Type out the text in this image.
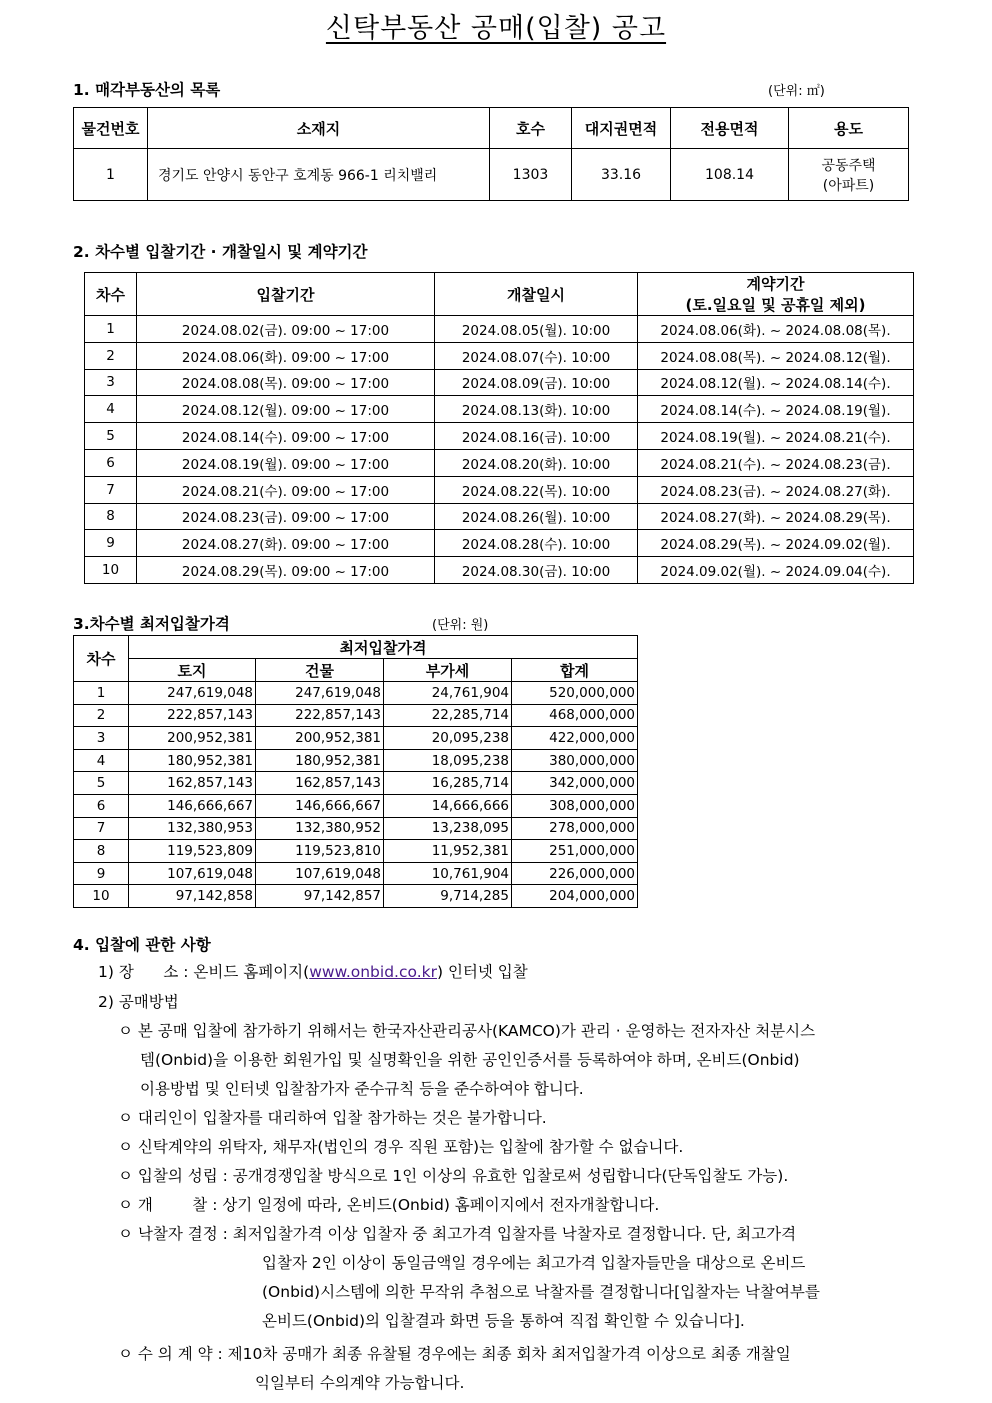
신탁부동산 공매(입찰) 공고
1. 매각부동산의 목록	(단위: ㎡)
물건번호	소재지	호수	대지권면적	전용면적	용도
1	경기도 안양시 동안구 호계동 966-1 리치밸리	1303	33.16	108.14	공동주택
(아파트)
2. 차수별 입찰기간 · 개찰일시 및 계약기간
차수	입찰기간	개찰일시	계약기간
(토.일요일 및 공휴일 제외)

1	2024.08.02(금). 09:00 ~ 17:00	2024.08.05(월). 10:00	2024.08.06(화). ~ 2024.08.08(목).
2	2024.08.06(화). 09:00 ~ 17:00	2024.08.07(수). 10:00	2024.08.08(목). ~ 2024.08.12(월).
3	2024.08.08(목). 09:00 ~ 17:00	2024.08.09(금). 10:00	2024.08.12(월). ~ 2024.08.14(수).
4	2024.08.12(월). 09:00 ~ 17:00	2024.08.13(화). 10:00	2024.08.14(수). ~ 2024.08.19(월).
5	2024.08.14(수). 09:00 ~ 17:00	2024.08.16(금). 10:00	2024.08.19(월). ~ 2024.08.21(수).
6	2024.08.19(월). 09:00 ~ 17:00	2024.08.20(화). 10:00	2024.08.21(수). ~ 2024.08.23(금).
7	2024.08.21(수). 09:00 ~ 17:00	2024.08.22(목). 10:00	2024.08.23(금). ~ 2024.08.27(화).
8	2024.08.23(금). 09:00 ~ 17:00	2024.08.26(월). 10:00	2024.08.27(화). ~ 2024.08.29(목).
9	2024.08.27(화). 09:00 ~ 17:00	2024.08.28(수). 10:00	2024.08.29(목). ~ 2024.09.02(월).
10	2024.08.29(목). 09:00 ~ 17:00	2024.08.30(금). 10:00	2024.09.02(월). ~ 2024.09.04(수).
3.차수별 최저입찰가격	(단위: 원)
차수	최저입찰가격			
	토지	건물	부가세	합계
1	247,619,048	247,619,048	24,761,904	520,000,000
2	222,857,143	222,857,143	22,285,714	468,000,000
3	200,952,381	200,952,381	20,095,238	422,000,000
4	180,952,381	180,952,381	18,095,238	380,000,000
5	162,857,143	162,857,143	16,285,714	342,000,000
6	146,666,667	146,666,667	14,666,666	308,000,000
7	132,380,953	132,380,952	13,238,095	278,000,000
8	119,523,809	119,523,810	11,952,381	251,000,000
9	107,619,048	107,619,048	10,761,904	226,000,000
10	97,142,858	97,142,857	9,714,285	204,000,000
4. 입찰에 관한 사항
1) 장      소 : 온비드 홈페이지(www.onbid.co.kr) 인터넷 입찰
2) 공매방법
ㅇ 본 공매 입찰에 참가하기 위해서는 한국자산관리공사(KAMCO)가 관리 · 운영하는 전자자산 처분시스
템(Onbid)을 이용한 회원가입 및 실명확인을 위한 공인인증서를 등록하여야 하며, 온비드(Onbid)
이용방법 및 인터넷 입찰참가자 준수규칙 등을 준수하여야 합니다.
ㅇ 대리인이 입찰자를 대리하여 입찰 참가하는 것은 불가합니다.
ㅇ 신탁계약의 위탁자, 채무자(법인의 경우 직원 포함)는 입찰에 참가할 수 없습니다.
ㅇ 입찰의 성립 : 공개경쟁입찰 방식으로 1인 이상의 유효한 입찰로써 성립합니다(단독입찰도 가능).
ㅇ 개        찰 : 상기 일정에 따라, 온비드(Onbid) 홈페이지에서 전자개찰합니다.
ㅇ 낙찰자 결정 : 최저입찰가격 이상 입찰자 중 최고가격 입찰자를 낙찰자로 결정합니다. 단, 최고가격
입찰자 2인 이상이 동일금액일 경우에는 최고가격 입찰자들만을 대상으로 온비드
(Onbid)시스템에 의한 무작위 추첨으로 낙찰자를 결정합니다[입찰자는 낙찰여부를
온비드(Onbid)의 입찰결과 화면 등을 통하여 직접 확인할 수 있습니다].
ㅇ 수 의 계 약 : 제10차 공매가 최종 유찰될 경우에는 최종 회차 최저입찰가격 이상으로 최종 개찰일
익일부터 수의계약 가능합니다.
